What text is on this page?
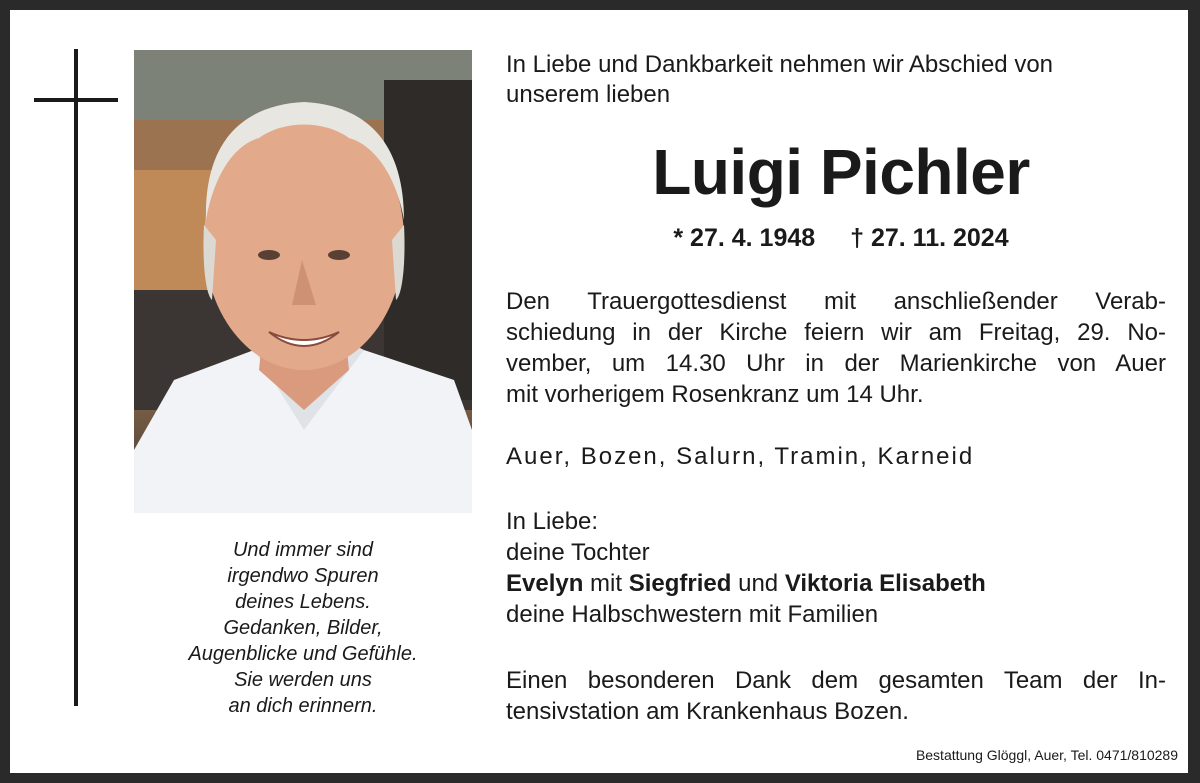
Und immer sind
irgendwo Spuren
deines Lebens.
Gedanken, Bilder,
Augenblicke und Gefühle.
Sie werden uns
an dich erinnern.
In Liebe und Dankbarkeit nehmen wir Abschied von
unserem lieben
Luigi Pichler
* 27. 4. 1948 † 27. 11. 2024
Den Trauergottesdienst mit anschließender Verab-
schiedung in der Kirche feiern wir am Freitag, 29. No-
vember, um 14.30 Uhr in der Marienkirche von Auer
mit vorherigem Rosenkranz um 14 Uhr.
Auer, Bozen, Salurn, Tramin, Karneid
In Liebe:
deine Tochter
Evelyn mit Siegfried und Viktoria Elisabeth
deine Halbschwestern mit Familien
Einen besonderen Dank dem gesamten Team der In-
tensivstation am Krankenhaus Bozen.
Bestattung Glöggl, Auer, Tel. 0471/810289
